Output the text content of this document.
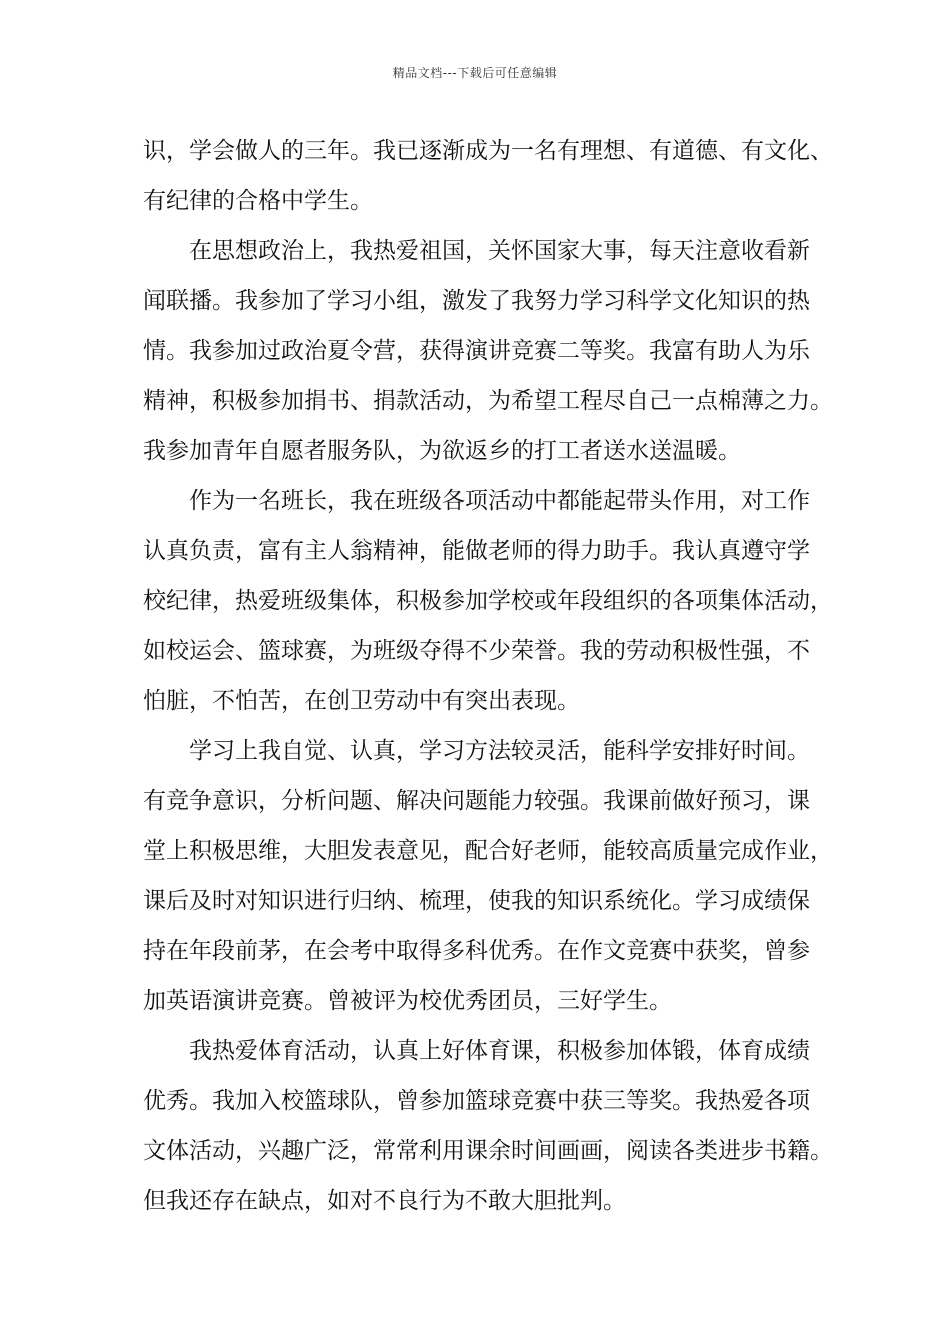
精品文档---下载后可任意编辑
识，学会做人的三年。我已逐渐成为一名有理想、有道德、有文化、
有纪律的合格中学生。
　　在思想政治上，我热爱祖国，关怀国家大事，每天注意收看新
闻联播。我参加了学习小组，激发了我努力学习科学文化知识的热
情。我参加过政治夏令营，获得演讲竞赛二等奖。我富有助人为乐
精神，积极参加捐书、捐款活动，为希望工程尽自己一点棉薄之力。
我参加青年自愿者服务队，为欲返乡的打工者送水送温暖。
　　作为一名班长，我在班级各项活动中都能起带头作用，对工作
认真负责，富有主人翁精神，能做老师的得力助手。我认真遵守学
校纪律，热爱班级集体，积极参加学校或年段组织的各项集体活动，
如校运会、篮球赛，为班级夺得不少荣誉。我的劳动积极性强，不
怕脏，不怕苦，在创卫劳动中有突出表现。
　　学习上我自觉、认真，学习方法较灵活，能科学安排好时间。
有竞争意识，分析问题、解决问题能力较强。我课前做好预习，课
堂上积极思维，大胆发表意见，配合好老师，能较高质量完成作业，
课后及时对知识进行归纳、梳理，使我的知识系统化。学习成绩保
持在年段前茅，在会考中取得多科优秀。在作文竞赛中获奖，曾参
加英语演讲竞赛。曾被评为校优秀团员，三好学生。
　　我热爱体育活动，认真上好体育课，积极参加体锻，体育成绩
优秀。我加入校篮球队，曾参加篮球竞赛中获三等奖。我热爱各项
文体活动，兴趣广泛，常常利用课余时间画画，阅读各类进步书籍。
但我还存在缺点，如对不良行为不敢大胆批判。
